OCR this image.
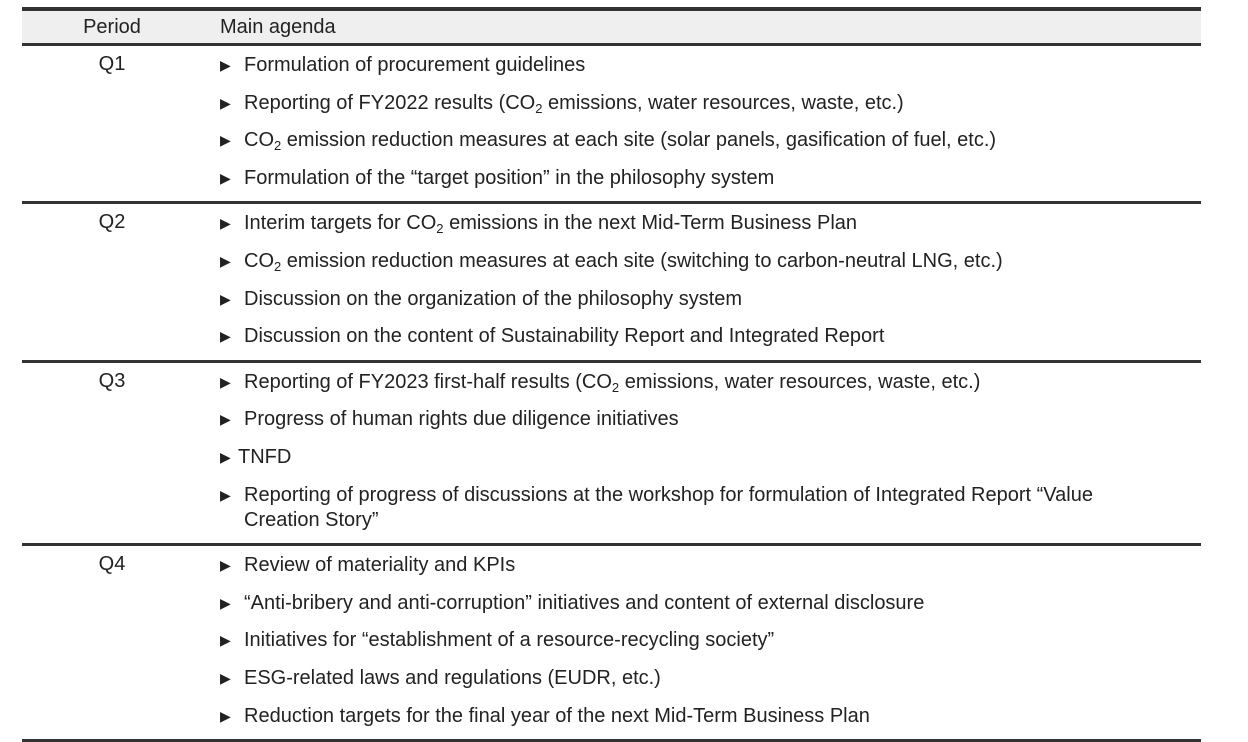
Period	Main agenda
Q1	▶ Formulation of procurement guidelines
▶ Reporting of FY2022 results ($CO_2$ emissions, water resources, waste, etc.)
▶ $CO_2$ emission reduction measures at each site (solar panels, gasification of fuel, etc.)
▶ Formulation of the “target position” in the philosophy system
Q2	▶ Interim targets for $CO_2$ emissions in the next Mid-Term Business Plan
▶ $CO_2$ emission reduction measures at each site (switching to carbon-neutral LNG, etc.)
▶ Discussion on the organization of the philosophy system
▶ Discussion on the content of Sustainability Report and Integrated Report
Q3	▶ Reporting of FY2023 first-half results ($CO_2$ emissions, water resources, waste, etc.)
▶ Progress of human rights due diligence initiatives
▶ TNFD
▶ Reporting of progress of discussions at the workshop for formulation of Integrated Report “Value Creation Story”
Q4	▶ Review of materiality and KPIs
▶ “Anti-bribery and anti-corruption” initiatives and content of external disclosure
▶ Initiatives for “establishment of a resource-recycling society”
▶ ESG-related laws and regulations (EUDR, etc.)
▶ Reduction targets for the final year of the next Mid-Term Business Plan
